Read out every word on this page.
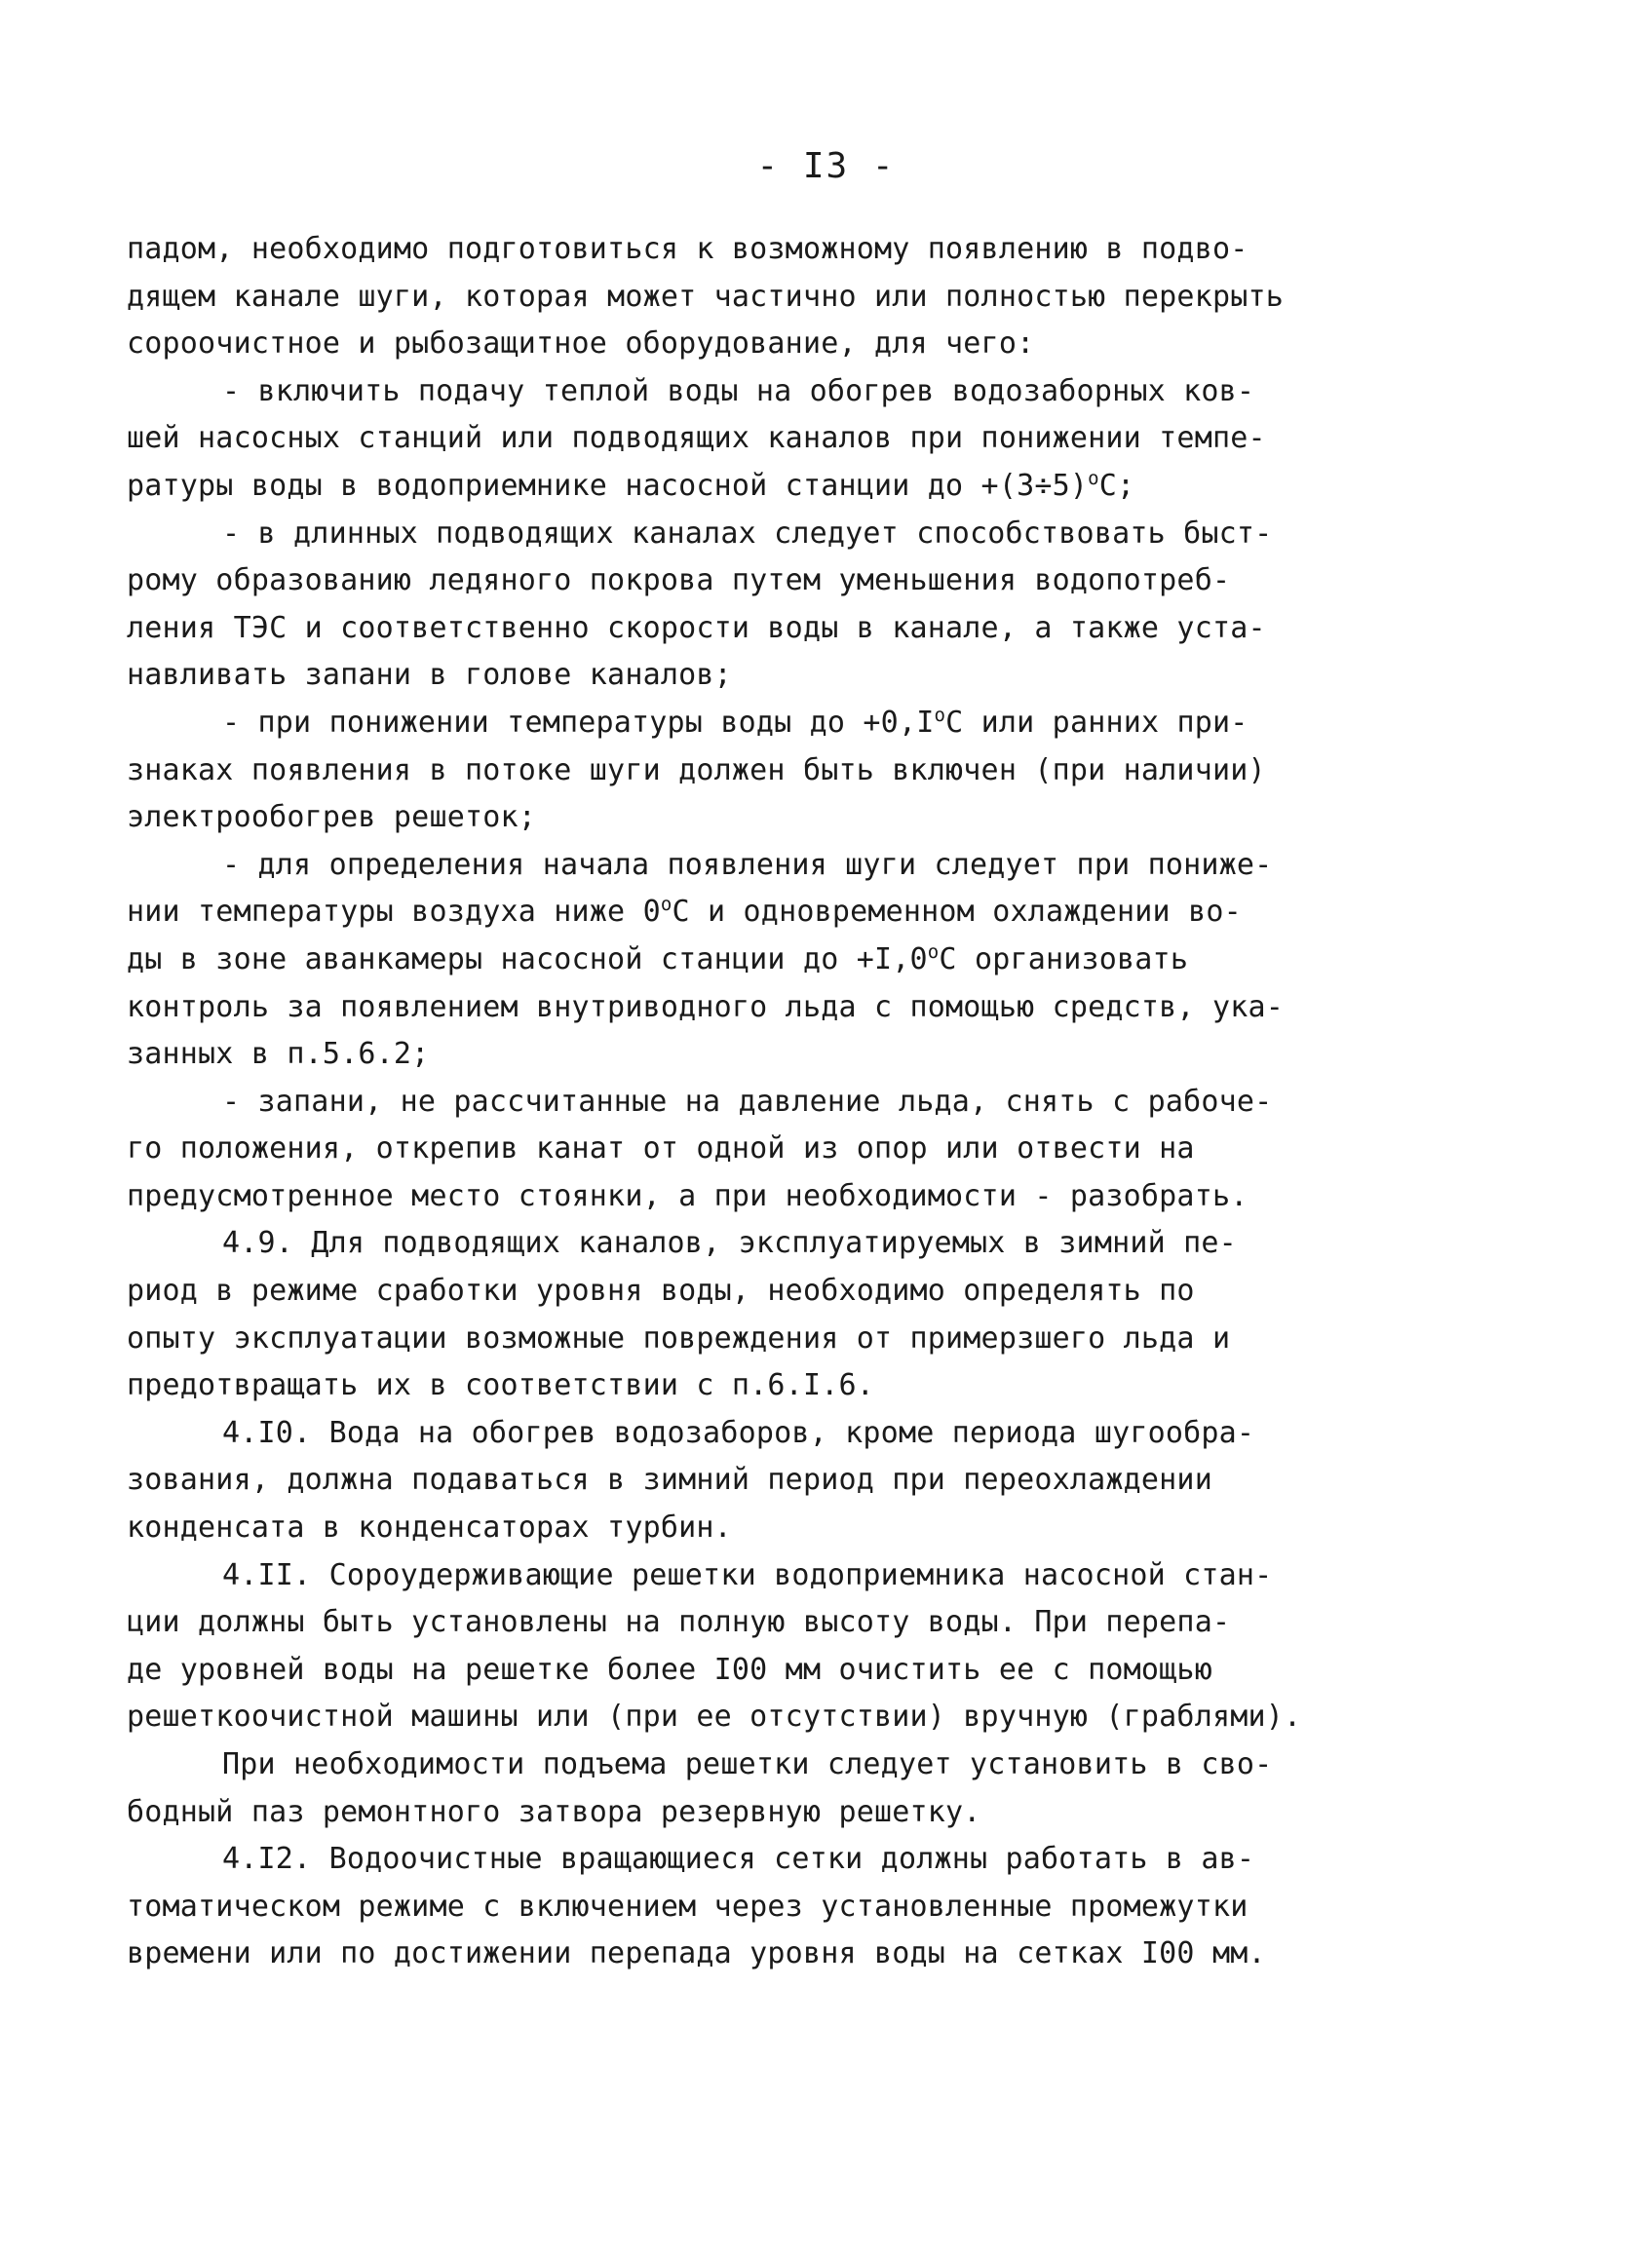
- I3 -
падом, необходимо подготовиться к возможному появлению в подво-
дящем канале шуги, которая может частично или полностью перекрыть
сороочистное и рыбозащитное оборудование, для чего:
- включить подачу теплой воды на обогрев водозаборных ков-
шей насосных станций или подводящих каналов при понижении темпе-
ратуры воды в водоприемнике насосной станции до $+(3\div 5)^oC$;
- в длинных подводящих каналах следует способствовать быст-
рому образованию ледяного покрова путем уменьшения водопотреб-
ления ТЭС и соответственно скорости воды в канале, а также уста-
навливать запани в голове каналов;
- при понижении температуры воды до $+0,I^oC$ или ранних при-
знаках появления в потоке шуги должен быть включен (при наличии)
электрообогрев решеток;
- для определения начала появления шуги следует при пониже-
нии температуры воздуха ниже 0$^o$C и одновременном охлаждении во-
ды в зоне аванкамеры насосной станции до $+I,0^oC$ организовать
контроль за появлением внутриводного льда с помощью средств, ука-
занных в п.5.6.2;
- запани, не рассчитанные на давление льда, снять с рабоче-
го положения, открепив канат от одной из опор или отвести на
предусмотренное место стоянки, а при необходимости - разобрать.
4.9. Для подводящих каналов, эксплуатируемых в зимний пе-
риод в режиме сработки уровня воды, необходимо определять по
опыту эксплуатации возможные повреждения от примерзшего льда и
предотвращать их в соответствии с п.6.I.6.
4.I0. Вода на обогрев водозаборов, кроме периода шугообра-
зования, должна подаваться в зимний период при переохлаждении
конденсата в конденсаторах турбин.
4.II. Сороудерживающие решетки водоприемника насосной стан-
ции должны быть установлены на полную высоту воды. При перепа-
де уровней воды на решетке более I00 мм очистить ее с помощью
решеткоочистной машины или (при ее отсутствии) вручную (граблями).
При необходимости подъема решетки следует установить в сво-
бодный паз ремонтного затвора резервную решетку.
4.I2. Водоочистные вращающиеся сетки должны работать в ав-
томатическом режиме с включением через установленные промежутки
времени или по достижении перепада уровня воды на сетках I00 мм.
